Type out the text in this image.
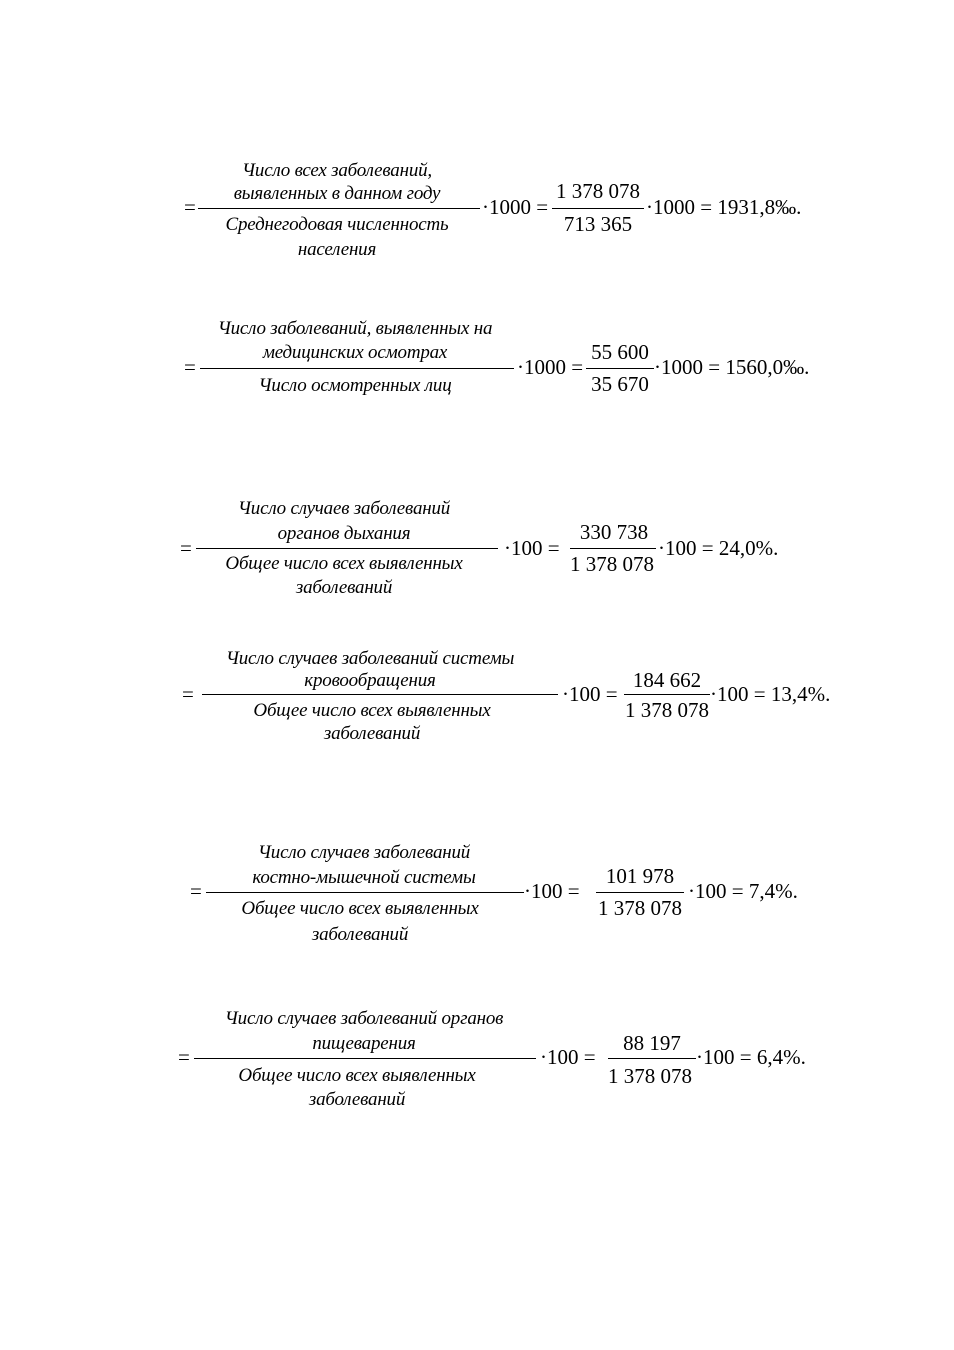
=
Число всех заболеваний,
выявленных в данном году
Среднегодовая численность
населения
·1000 =
1 378 078
713 365
·1000 = 1931,8‰.
=
Число заболеваний, выявленных на
медицинских осмотрах
Число осмотренных лиц
·1000 =
55 600
35 670
·1000 = 1560,0‰.
=
Число случаев заболеваний
органов дыхания
Общее число всех выявленных
заболеваний
·100 =
330 738
1 378 078
·100 = 24,0%.
=
Число случаев заболеваний системы
кровообращения
Общее число всех выявленных
заболеваний
·100 =
184 662
1 378 078
·100 = 13,4%.
=
Число случаев заболеваний
костно-мышечной системы
Общее число всех выявленных
заболеваний
·100 =
101 978
1 378 078
·100 = 7,4%.
=
Число случаев заболеваний органов
пищеварения
Общее число всех выявленных
заболеваний
·100 =
88 197
1 378 078
·100 = 6,4%.
